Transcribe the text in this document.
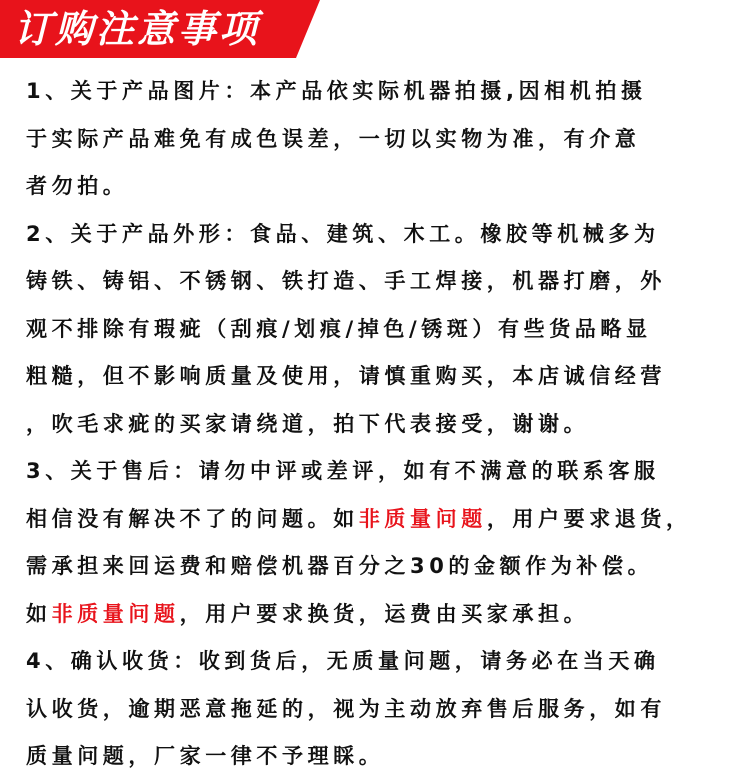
订购注意事项
1、关于产品图片：本产品依实际机器拍摄,因相机拍摄
于实际产品难免有成色误差，一切以实物为准，有介意
者勿拍。
2、关于产品外形：食品、建筑、木工。橡胶等机械多为
铸铁、铸铝、不锈钢、铁打造、手工焊接，机器打磨，外
观不排除有瑕疵（刮痕/划痕/掉色/锈斑）有些货品略显
粗糙，但不影响质量及使用，请慎重购买，本店诚信经营
，吹毛求疵的买家请绕道，拍下代表接受，谢谢。
3、关于售后：请勿中评或差评，如有不满意的联系客服
相信没有解决不了的问题。如非质量问题，用户要求退货，
需承担来回运费和赔偿机器百分之30的金额作为补偿。
如非质量问题，用户要求换货，运费由买家承担。
4、确认收货：收到货后，无质量问题，请务必在当天确
认收货，逾期恶意拖延的，视为主动放弃售后服务，如有
质量问题，厂家一律不予理睬。
